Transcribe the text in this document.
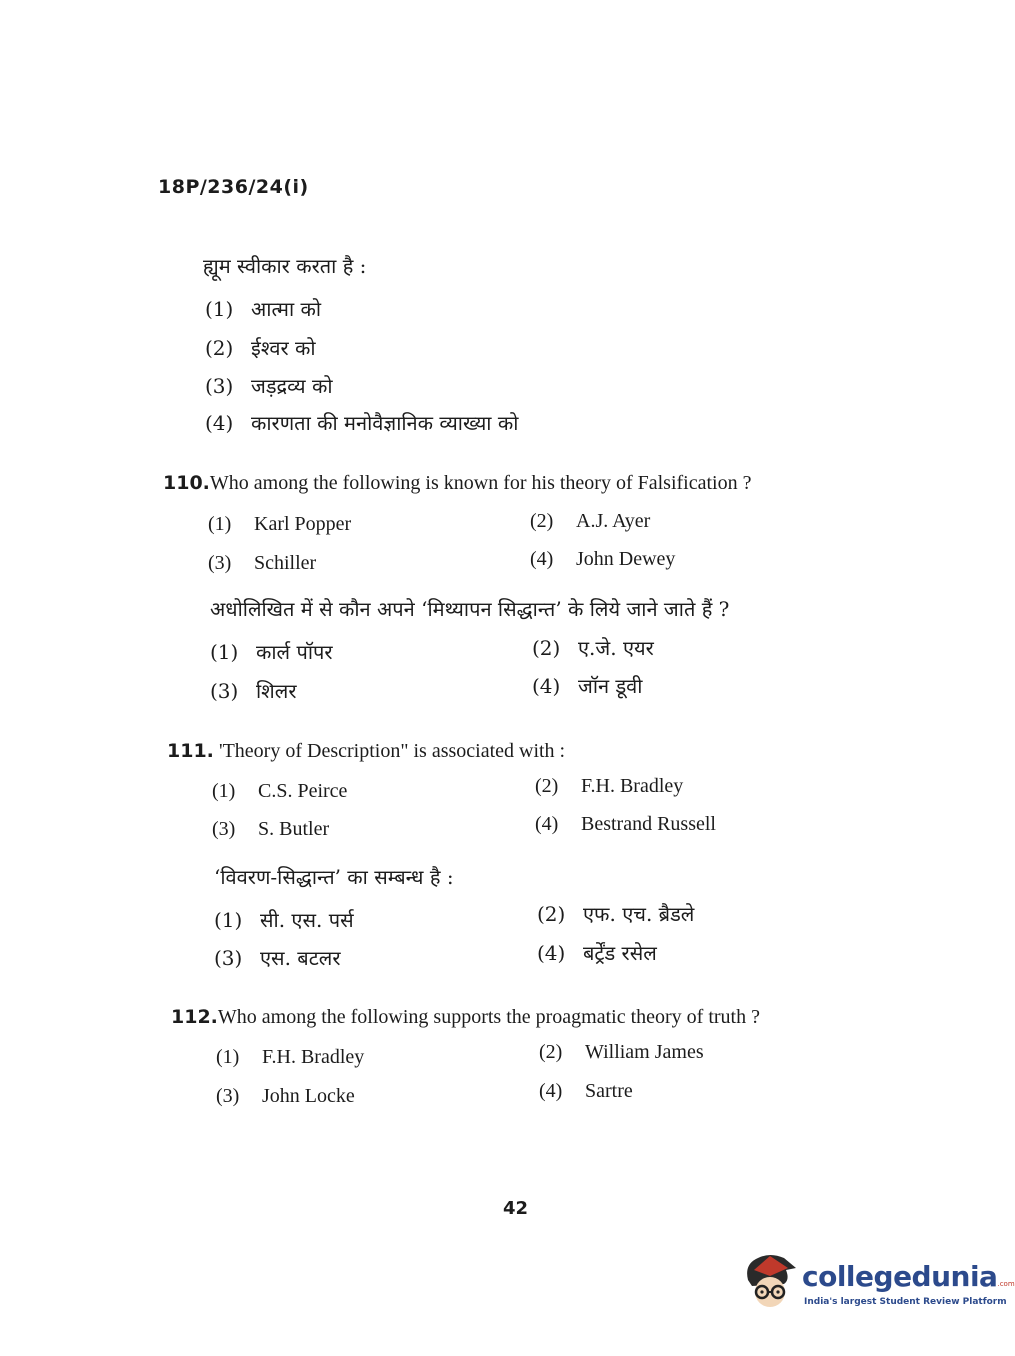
18P/236/24(i)
ह्यूम स्वीकार करता है :
(1) आत्मा को
(2) ईश्वर को
(3) जड़द्रव्य को
(4) कारणता की मनोवैज्ञानिक व्याख्या को
110.Who among the following is known for his theory of Falsification ?
(1) Karl Popper	(2) A.J. Ayer
(3) Schiller	(4) John Dewey
अधोलिखित में से कौन अपने ‘मिथ्यापन सिद्धान्त’ के लिये जाने जाते हैं ?
(1) कार्ल पॉपर	(2) ए.जे. एयर
(3) शिलर	(4) जॉन डूवी
111. 'Theory of Description" is associated with :
(1) C.S. Peirce	(2) F.H. Bradley
(3) S. Butler	(4) Bestrand Russell
‘विवरण-सिद्धान्त’ का सम्बन्ध है :
(1) सी. एस. पर्स	(2) एफ. एच. ब्रैडले
(3) एस. बटलर	(4) बर्ट्रेंड रसेल
112.Who among the following supports the proagmatic theory of truth ?
(1) F.H. Bradley	(2) William James
(3) John Locke	(4) Sartre
42
collegedunia.com
India's largest Student Review Platform
